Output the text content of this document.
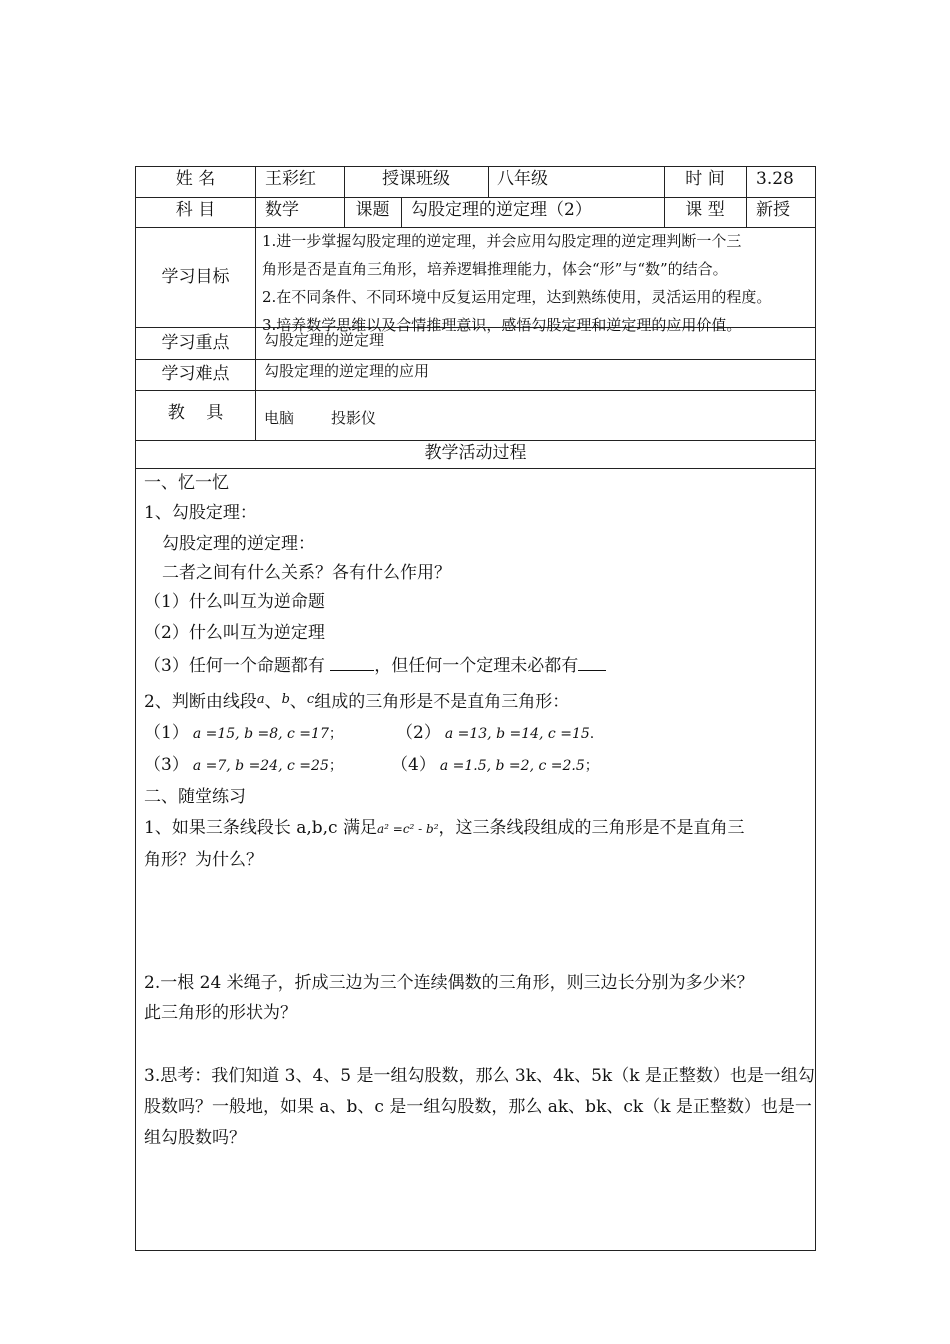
姓 名	王彩红	授课班级	八年级	时 间	3.28
科 目	数学	课题	勾股定理的逆定理（2）	课 型	新授
学习目标
1.进一步掌握勾股定理的逆定理，并会应用勾股定理的逆定理判断一个三
角形是否是直角三角形，培养逻辑推理能力，体会“形”与“数”的结合。
2.在不同条件、不同环境中反复运用定理，达到熟练使用，灵活运用的程度。
3.培养数学思维以及合情推理意识，感悟勾股定理和逆定理的应用价值。
学习重点	勾股定理的逆定理
学习难点	勾股定理的逆定理的应用
教    具	电脑 投影仪
教学活动过程
一、忆一忆
1、勾股定理：
勾股定理的逆定理：
二者之间有什么关系？各有什么作用？
（1）什么叫互为逆命题
（2）什么叫互为逆定理
（3）任何一个命题都有	，但任何一个定理未必都有
2、判断由线段$^a$、$^b$、$^c$组成的三角形是不是直角三角形：
（1） a =15, b =8, c =17；	（2） a =13, b =14, c =15.
（3） a =7, b =24, c =25；	（4） a =1.5, b =2, c =2.5；
二、随堂练习
1、如果三条线段长 a,b,c 满足a² =c² - b²，这三条线段组成的三角形是不是直角三
角形？为什么？
2.一根 24 米绳子，折成三边为三个连续偶数的三角形，则三边长分别为多少米？
此三角形的形状为？
3.思考：我们知道 3、4、5 是一组勾股数，那么 3k、4k、5k（k 是正整数）也是一组勾
股数吗？一般地，如果 a、b、c 是一组勾股数，那么 ak、bk、ck（k 是正整数）也是一
组勾股数吗？
